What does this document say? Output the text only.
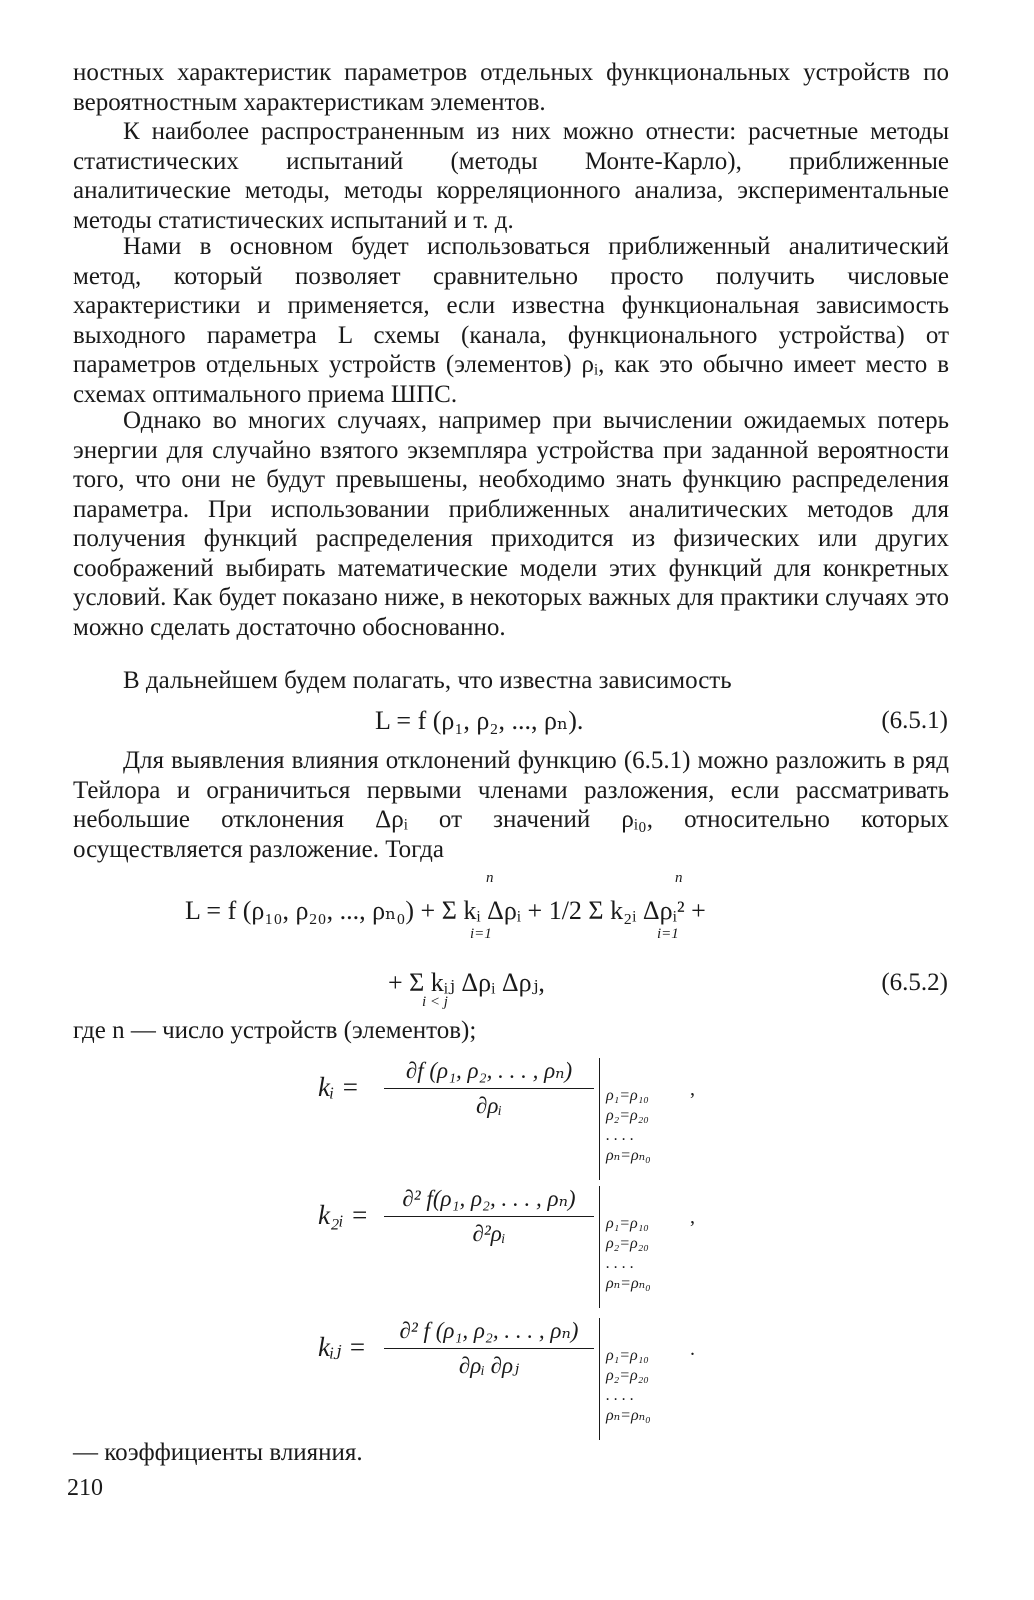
ностных характеристик параметров отдельных функциональных устройств по вероятностным характеристикам элементов.

К наиболее распространенным из них можно отнести: расчетные методы статистических испытаний (методы Монте-Карло), приближенные аналитические методы, методы корреляционного анализа, экспериментальные методы статистических испытаний и т. д.

Нами в основном будет использоваться приближенный аналитический метод, который позволяет сравнительно просто получить числовые характеристики и применяется, если известна функциональная зависимость выходного параметра L схемы (канала, функционального устройства) от параметров отдельных устройств (элементов) ρᵢ, как это обычно имеет место в схемах оптимального приема ШПС.

Однако во многих случаях, например при вычислении ожидаемых потерь энергии для случайно взятого экземпляра устройства при заданной вероятности того, что они не будут превышены, необходимо знать функцию распределения параметра. При использовании приближенных аналитических методов для получения функций распределения приходится из физических или других соображений выбирать математические модели этих функций для конкретных условий. Как будет показано ниже, в некоторых важных для практики случаях это можно сделать достаточно обоснованно.

В дальнейшем будем полагать, что известна зависимость

L = f (ρ₁, ρ₂, ..., ρₙ).	(6.5.1)

Для выявления влияния отклонений функцию (6.5.1) можно разложить в ряд Тейлора и ограничиться первыми членами разложения, если рассматривать небольшие отклонения Δρᵢ от значений ρᵢ₀, относительно которых осуществляется разложение. Тогда

L = f (ρ₁₀, ρ₂₀, ..., ρₙ₀) + Σ kᵢ Δρᵢ + 1/2 Σ k₂ᵢ Δρᵢ² +
n
i=1
n
i=1
+ Σ kᵢⱼ Δρᵢ Δρⱼ,
i < j
(6.5.2)

где n — число устройств (элементов);

kᵢ = $\frac{\text{∂f (ρ₁, ρ₂, . . . , ρₙ)}}{\text{∂ρᵢ}} \rho_1=\rho_{10}$
ρ₂=ρ₂₀
. . . .
ρₙ=ρₙ₀
,
k₂ᵢ = $\frac{\text{∂² f(ρ₁, ρ₂, . . . , ρₙ)}}{\text{∂²ρᵢ}} \rho_1=\rho_{10}$
ρ₂=ρ₂₀
. . . .
ρₙ=ρₙ₀
,
kᵢⱼ = $\frac{\text{∂² f (ρ₁, ρ₂, . . . , ρₙ)}}{\text{∂ρᵢ ∂ρⱼ}} \rho_1=\rho_{10}$
ρ₂=ρ₂₀
. . . .
ρₙ=ρₙ₀
.

— коэффициенты влияния.

210
